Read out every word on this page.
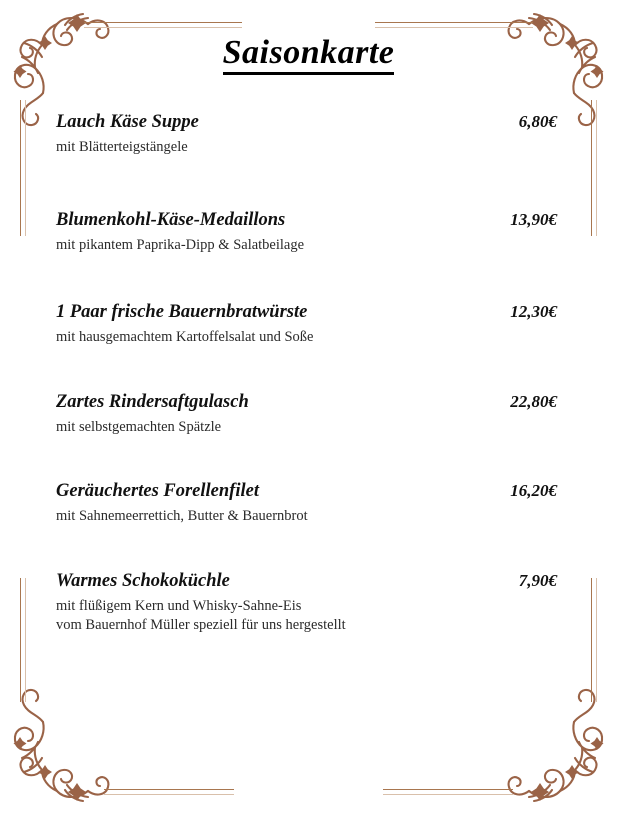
Saisonkarte
Lauch Käse Suppe	6,80€
mit Blätterteigstängele
Blumenkohl-Käse-Medaillons	13,90€
mit pikantem Paprika-Dipp & Salatbeilage
1 Paar frische Bauernbratwürste	12,30€
mit hausgemachtem Kartoffelsalat und Soße
Zartes Rindersaftgulasch	22,80€
mit selbstgemachten Spätzle
Geräuchertes Forellenfilet	16,20€
mit Sahnemeerrettich, Butter & Bauernbrot
Warmes Schokoküchle	7,90€
mit flüßigem Kern und Whisky-Sahne-Eis
vom Bauernhof Müller speziell für uns hergestellt
